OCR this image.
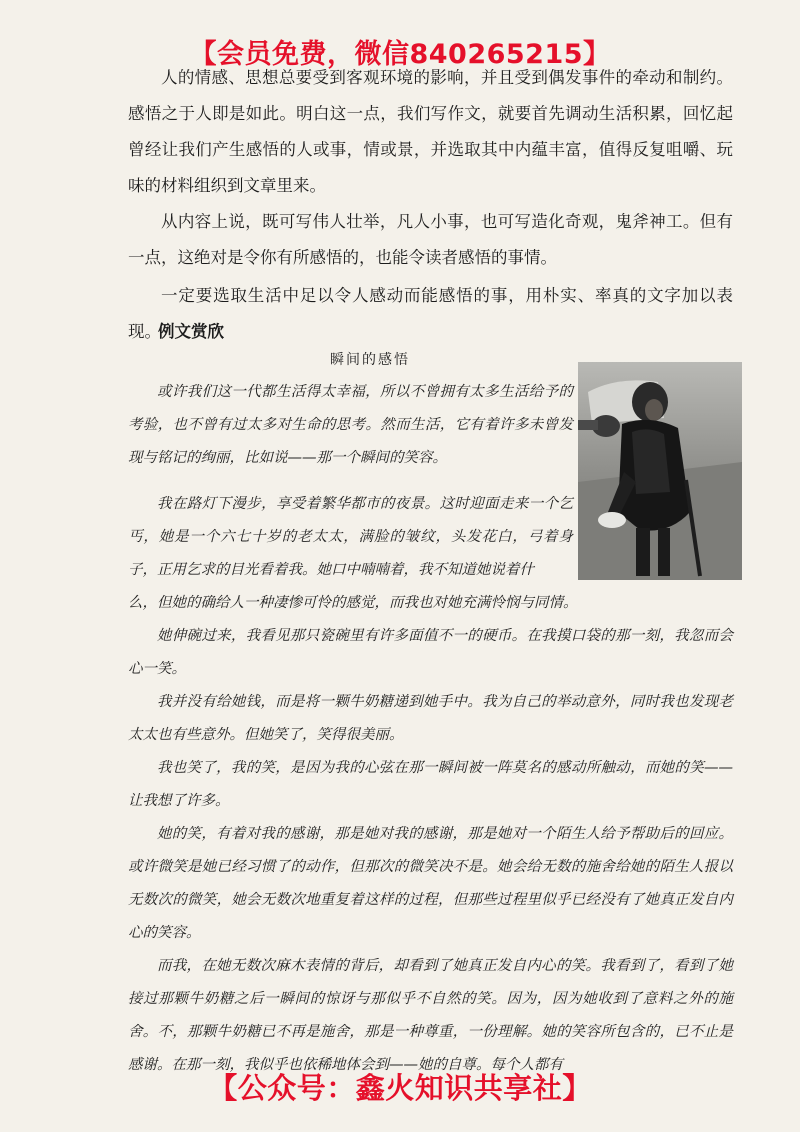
【会员免费，微信840265215】

人的情感、思想总要受到客观环境的影响，并且受到偶发事件的牵动和制约。感悟之于人即是如此。明白这一点，我们写作文，就要首先调动生活积累，回忆起曾经让我们产生感悟的人或事，情或景，并选取其中内蕴丰富，值得反复咀嚼、玩味的材料组织到文章里来。

从内容上说，既可写伟人壮举，凡人小事，也可写造化奇观，鬼斧神工。但有一点，这绝对是令你有所感悟的，也能令读者感悟的事情。

一定要选取生活中足以令人感动而能感悟的事，用朴实、率真的文字加以表现。

例文赏欣
瞬间的感悟

或许我们这一代都生活得太幸福，所以不曾拥有太多生活给予的考验，也不曾有过太多对生命的思考。然而生活，它有着许多未曾发现与铭记的绚丽，比如说——那一个瞬间的笑容。

我在路灯下漫步，享受着繁华都市的夜景。这时迎面走来一个乞丐，她是一个六七十岁的老太太，满脸的皱纹，头发花白，弓着身子，正用乞求的目光看着我。她口中喃喃着，我不知道她说着什

么，但她的确给人一种凄惨可怜的感觉，而我也对她充满怜悯与同情。

她伸碗过来，我看见那只瓷碗里有许多面值不一的硬币。在我摸口袋的那一刻，我忽而会心一笑。

我并没有给她钱，而是将一颗牛奶糖递到她手中。我为自己的举动意外，同时我也发现老太太也有些意外。但她笑了，笑得很美丽。

我也笑了，我的笑，是因为我的心弦在那一瞬间被一阵莫名的感动所触动，而她的笑——让我想了许多。

她的笑，有着对我的感谢，那是她对我的感谢，那是她对一个陌生人给予帮助后的回应。或许微笑是她已经习惯了的动作，但那次的微笑决不是。她会给无数的施舍给她的陌生人报以无数次的微笑，她会无数次地重复着这样的过程，但那些过程里似乎已经没有了她真正发自内心的笑容。

而我，在她无数次麻木表情的背后，却看到了她真正发自内心的笑。我看到了，看到了她接过那颗牛奶糖之后一瞬间的惊讶与那似乎不自然的笑。因为，因为她收到了意料之外的施舍。不，那颗牛奶糖已不再是施舍，那是一种尊重，一份理解。她的笑容所包含的，已不止是感谢。在那一刻，我似乎也依稀地体会到——她的自尊。每个人都有

【公众号：鑫火知识共享社】
